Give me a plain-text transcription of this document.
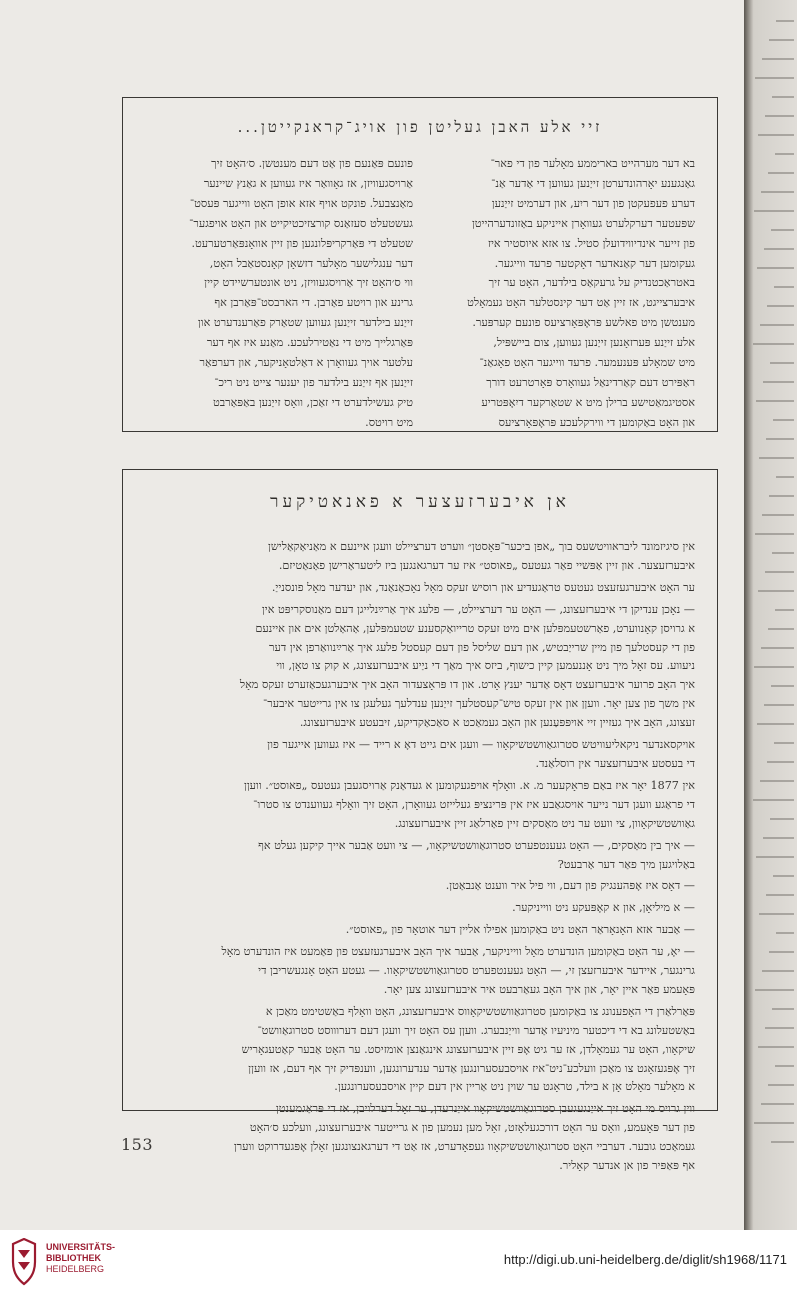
זיי אלע האבן געליטן פון אויג־קראנקייטן...

בא דער מערהייט באריממע מאָלער פון די פאר־

גאַנגענע יאָרהונדערטן זייַנען געווען די אַדער אַנ־

דערע פעפעקטן פון דער ריִע, און דערמיט זייַנען

שפּעטער דערקלערט געוואָרן אייניקע באַזונדערהייטן

פון זייער אינדיווידועלן סטיל. צו אזא איוסטיר איז

געקומען דער קאַנאדער דאָקטער פרעד ווייגער.

באטראַכטנדיק על גרעקאַס בילדער, האָט ער זיך

איבערצייגט, אז זיין אַט דער קינסטלער האָט געמאָלט

מענטשן מיט פאלשע פּראָפּאָרציעס פונעם קערפּער.

אלע זייַנע פּערזאָנען זייַנען געווען, צום ביישפּיל,

מיט שמאָלע פּענעמער. פרעד ווייגער האָט פאָגאַנ־

ראַפּירט דעם קאַרדינאַל געוואָרס פּאָרטרעט דורך

אסטיגמאַטישע ברילן מיט א שטאַרקער דיִאָפּטריע

און האָט באַקומען די ווירקלעכע פּראָפּאָרציעס

פונעם פּאַנעם פון אַט דעם מענטשן. ס׳האָט זיך

אַרויסגעוויזן, אז גאָוואַר איז געווען א גאַנץ שיינער

מאַנצבעל. פונקט אויף אזא אופן האָט ווייגער פּעסט־

געשטעלט סעזאַנס קורצזיכטיקייט און האָט אויפגער־

שטעלט די פּאַרקריפּלונגען פון זיין אוואָנפּאַרטערעט.

דער ענגלישער מאָלער דזשאָן קאָנסטאַבל האָט,

ווי ס׳האָט זיך אַרויסגעוויזן, ניט אונטערשיידט קיין

גרינע און רויטע פאַרבן. די הארבסט־פּאַרבן אף

זייַנע בילדער זייַנען געווען שטאַרק פאַרענדערט און

פּאַרגלייך מיט די נאַטירלעכע. מאַנע איז אף דער

עלטער אויך געוואָרן א דאַלטאָניקער, און דערפאַר

זייַנען אף זייַנע בילדער פון יענער צייט ניט ריכ־

טיק געשילדערט די זאַכן, וואָס זייַנען באַפּאַרבט

מיט רויטס.

אן איבערזעצער א פאנאטיקער

אין סיגיזמונד ליבראוויטשעס בוך „אפן ביכער־פּאָסטן״ ווערט דערציילט וועגן איינעם א מאַניאַקאַלישן

איבערזעצער. און זיין אַפּשיי פאַר געטעס „פאוסט״ איז ער דערגאנגען ביז ליטעראַרישן פאַנאַטיזם.

ער האָט איבערגעזעצט געטעס טראַגעדיע און רוסיש זעקס מאָל נאָכאַנאַנד, און יעדער מאָל פונסנייַ.

— נאָכן ענדיקן די איבערזעצונג, — האָט ער דערציילט, — פלעג איך אַרײַנלייגן דעם מאַנוסקריפּט אין

א גרויסן קאָנווערט, פאַרשטעמפּלען אים מיט זעקס טרייואַקסענע שטעמפּלען, אַהאַלטן אים און איינעם

פון די קעסטלעך פון מיין שרייַבטיש, און דעם שליסל פון דעם קעסטל פלעג איך אַרײַנוואַרפן אין דער

ניעווע. עס זאָל מיך ניט אָננעמען קיין כישוף, ביזס איך מאַך די ניַיע איבערזעצונג, א קוק צו טאָן, ווי

איך האָב פרוער איבערזעצט דאָס אַדער יענץ אָרט. און דו פּראָצעדור האָב איך איבערגעכאַזערט זעקס מאָל

אין משך פון צען יאָר. וועןן און אין זעקס טיש־קעסטלעך זייַנען ענדלעך געלעגן צו אין גרייטער איבער־

זעצונג, האָב איך געזיין זיי אויפּפּעַנען און האָב געמאַכט א סאַכאַקדיקע, זיבעטע איבערזעצונג.

אויקסאנדער ניקאליעוויטש סטרוגאַוושטשיקאָוו — וועגן אים גייט דאָ א רייד — איז געווען אייגער פון

די בעסטע איבערזעצער אין רוסלאַנד.

אין 1877 יאָר איז באַם פּראָקעער מ. א. וואָלף אויפגעקומען א געדאַנק אַרויסגעבן געטעס „פאוסט״. וועןן

די פראַגע וועגן דער נייער אויסגאַבע איז אין פּרינציפּ געלייזט געוואָרן, האָט זיך וואָלף געווענדט צו סטרו־

גאַוושטשיקאָוון, צי וועט ער ניט מאַסקים זיין פאַרלאַג זיין איבערזעצונג.

— איך בין מאַסקים, — האָט געענטפערט סטרוגאַוושטשיקאָוו, — צי וועט אַבער אייך קיקען געלט אף

באַלויגען מיך פאַר דער אַרבעט?

— דאָס איז אָפּהענגיק פון דעם, ווי פיל איר ווענט אַנבאַטן.

— א מיליאָן, און א קאָפּעקע ניט ווייניקער.

— אַבער אזא האָנאָראַר האָט ניט באַקומען אפילו אליין דער אוטאָר פון „פאוסט״.

— יאָ, ער האָט באַקומען הונדערט מאָל ווייניקער, אַבער איך האָב איבערגעזעצט פון פאַמעט איז הונדערט מאָל

גרינגער, איידער איבערזעצן זי, — האָט געענטפערט סטרוגאַוושטשיקאָוו. — געטע האָט אָנגעשריבן די

פּאָעמע פאַר איין יאָר, און איך האָב געאַרבעט איר איבערזעצונג צען יאָר.

פּאַרלאַרן די האָפענונג צו באַקומען סטרוגאַוושטשיקאָווס איבערזעצונג, האָט וואָלף באַשטימט מאַכן א

באַשטעלונג בא די דיכטער מיניעיו אַדער ווייַנבערג. וועןן עס האָט זיך וועגן דעם דערוווסט סטרוגאַוושט־

שיקאָוו, האָט ער געמאָלדן, אז ער גיט אָפּ זיין איבערזעצונג אינגאַנצן אומזיסט. ער האָט אַבער קאַטעגאָריש

זיך אָפּגעזאָגט צו מאַכן וועלכע־ניט־איז אויסבעסערונגען אַדער ענדערונגען, ווענפּדיק זיך אף דעם, אז וועןן

א מאָלער מאָלט אָן א בילד, טראָגט ער שוין ניט אַריין אין דעם קיין אויסבעסערונגען.

ווין גרויס מי האָט זיך אייַנגעגעבן סטרוגאַוושטשיקאָוו אייַנרעדן, ער זאָל דערלויבן, אז די פּראַגמענטן

פון דער פּאָעמע, וואָס ער האָט דורכגעלאָזט, זאָל מען נעמען פון א גרייטער איבערזעצונג, וועלכע ס׳האָט

געמאַכט גובער. דערביי האָט סטרוגאַוושטשיקאָוו געפאָדערט, אז אַט די דערגאנצונגען זאָלן אָפּגעדרוקט ווערן

אף פּאַפּיר פון אן אנדער קאָליר.

153
UNIVERSITÄTS-
BIBLIOTHEK
HEIDELBERG
http://digi.ub.uni-heidelberg.de/diglit/sh1968/1171
